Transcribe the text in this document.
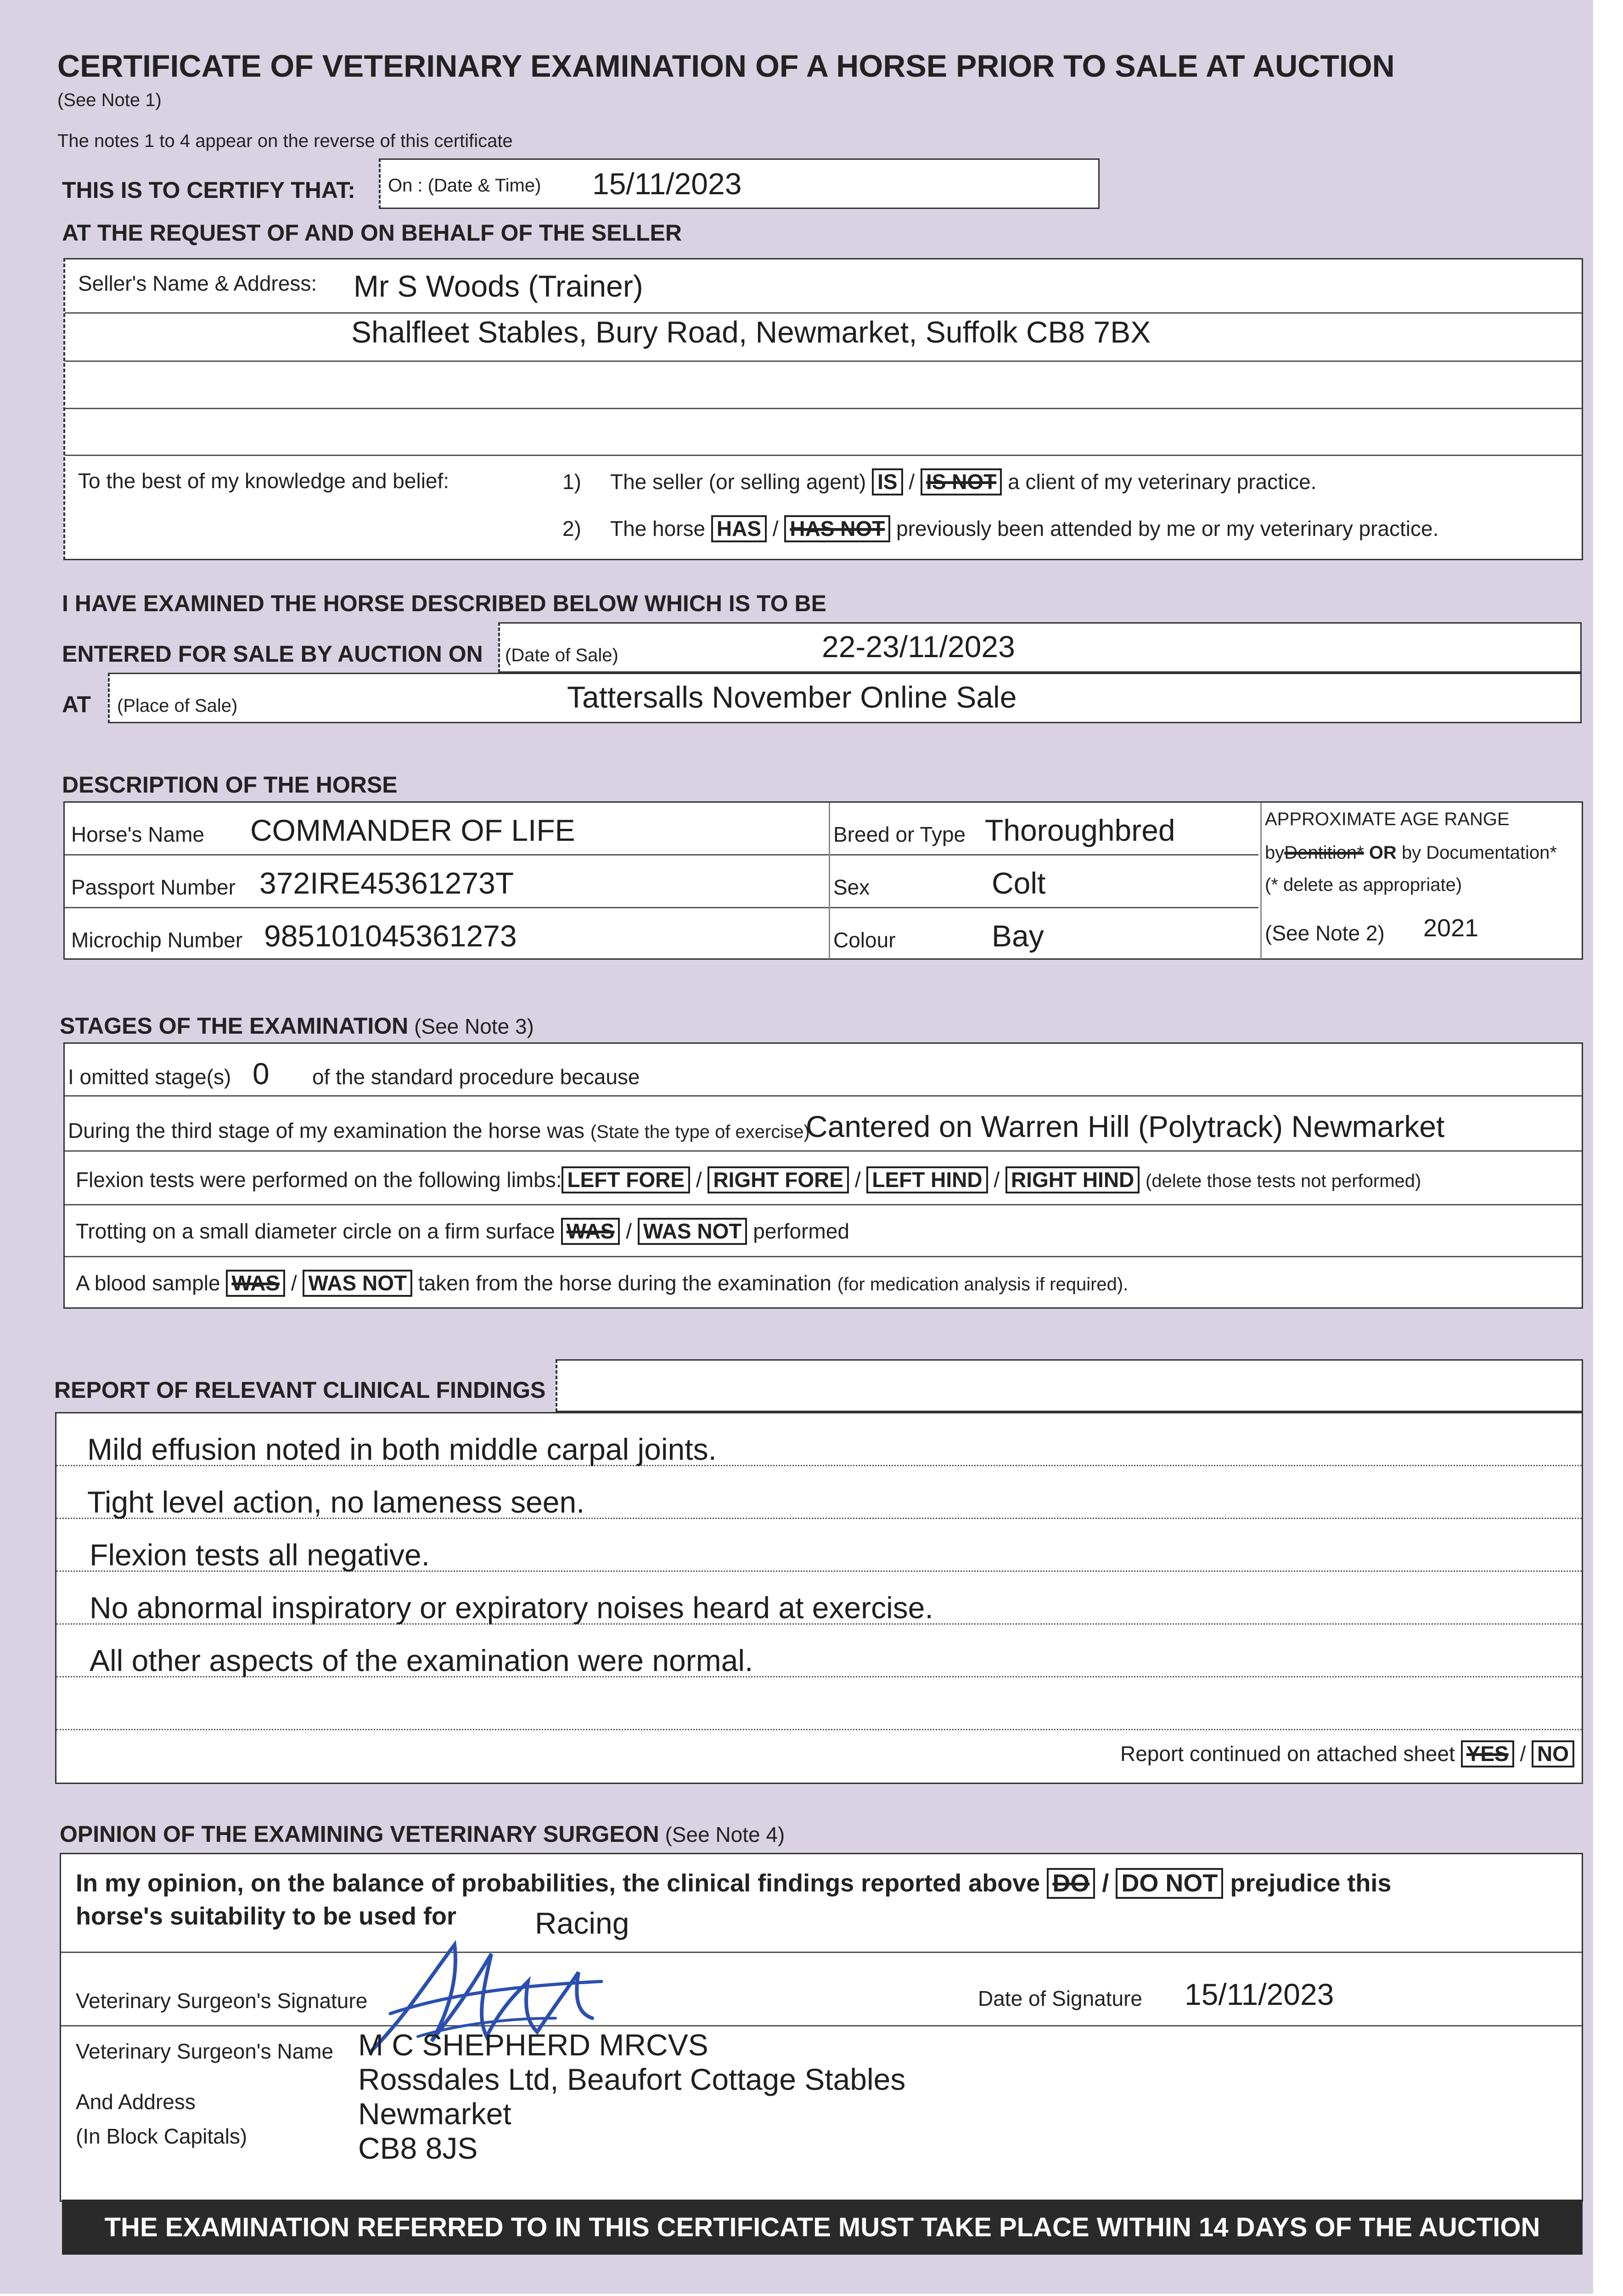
CERTIFICATE OF VETERINARY EXAMINATION OF A HORSE PRIOR TO SALE AT AUCTION
(See Note 1)
The notes 1 to 4 appear on the reverse of this certificate
THIS IS TO CERTIFY THAT: On : (Date & Time) 15/11/2023
AT THE REQUEST OF AND ON BEHALF OF THE SELLER
Seller's Name & Address: Mr S Woods (Trainer)
Shalfleet Stables, Bury Road, Newmarket, Suffolk CB8 7BX
To the best of my knowledge and belief:	1) The seller (or selling agent) IS / IS NOT a client of my veterinary practice.
2) The horse HAS / HAS NOT previously been attended by me or my veterinary practice.
I HAVE EXAMINED THE HORSE DESCRIBED BELOW WHICH IS TO BE
ENTERED FOR SALE BY AUCTION ON (Date of Sale)	22-23/11/2023
AT (Place of Sale)	Tattersalls November Online Sale
DESCRIPTION OF THE HORSE
Horse's Name COMMANDER OF LIFE
Passport Number 372IRE45361273T
Microchip Number 985101045361273
Breed or Type Thoroughbred
Sex	Colt
Colour	Bay
APPROXIMATE AGE RANGE
byDentition* OR by Documentation*
(* delete as appropriate)
(See Note 2) 2021
STAGES OF THE EXAMINATION (See Note 3)
I omitted stage(s) 0 of the standard procedure because
During the third stage of my examination the horse was (State the type of exercise)
Cantered on Warren Hill (Polytrack) Newmarket
Flexion tests were performed on the following limbs: LEFT FORE / RIGHT FORE / LEFT HIND / RIGHT HIND (delete those tests not performed)
Trotting on a small diameter circle on a firm surface WAS / WAS NOT performed
A blood sample WAS / WAS NOT taken from the horse during the examination (for medication analysis if required).
REPORT OF RELEVANT CLINICAL FINDINGS
Mild effusion noted in both middle carpal joints.
Tight level action, no lameness seen.
Flexion tests all negative.
No abnormal inspiratory or expiratory noises heard at exercise.
All other aspects of the examination were normal.
Report continued on attached sheet YES / NO
OPINION OF THE EXAMINING VETERINARY SURGEON (See Note 4)
In my opinion, on the balance of probabilities, the clinical findings reported above DO / DO NOT prejudice this
horse's suitability to be used for	Racing
Veterinary Surgeon's Signature	Date of Signature 15/11/2023
Veterinary Surgeon's Name
And Address
(In Block Capitals)
M C SHEPHERD MRCVS
Rossdales Ltd, Beaufort Cottage Stables
Newmarket
CB8 8JS
THE EXAMINATION REFERRED TO IN THIS CERTIFICATE MUST TAKE PLACE WITHIN 14 DAYS OF THE AUCTION
